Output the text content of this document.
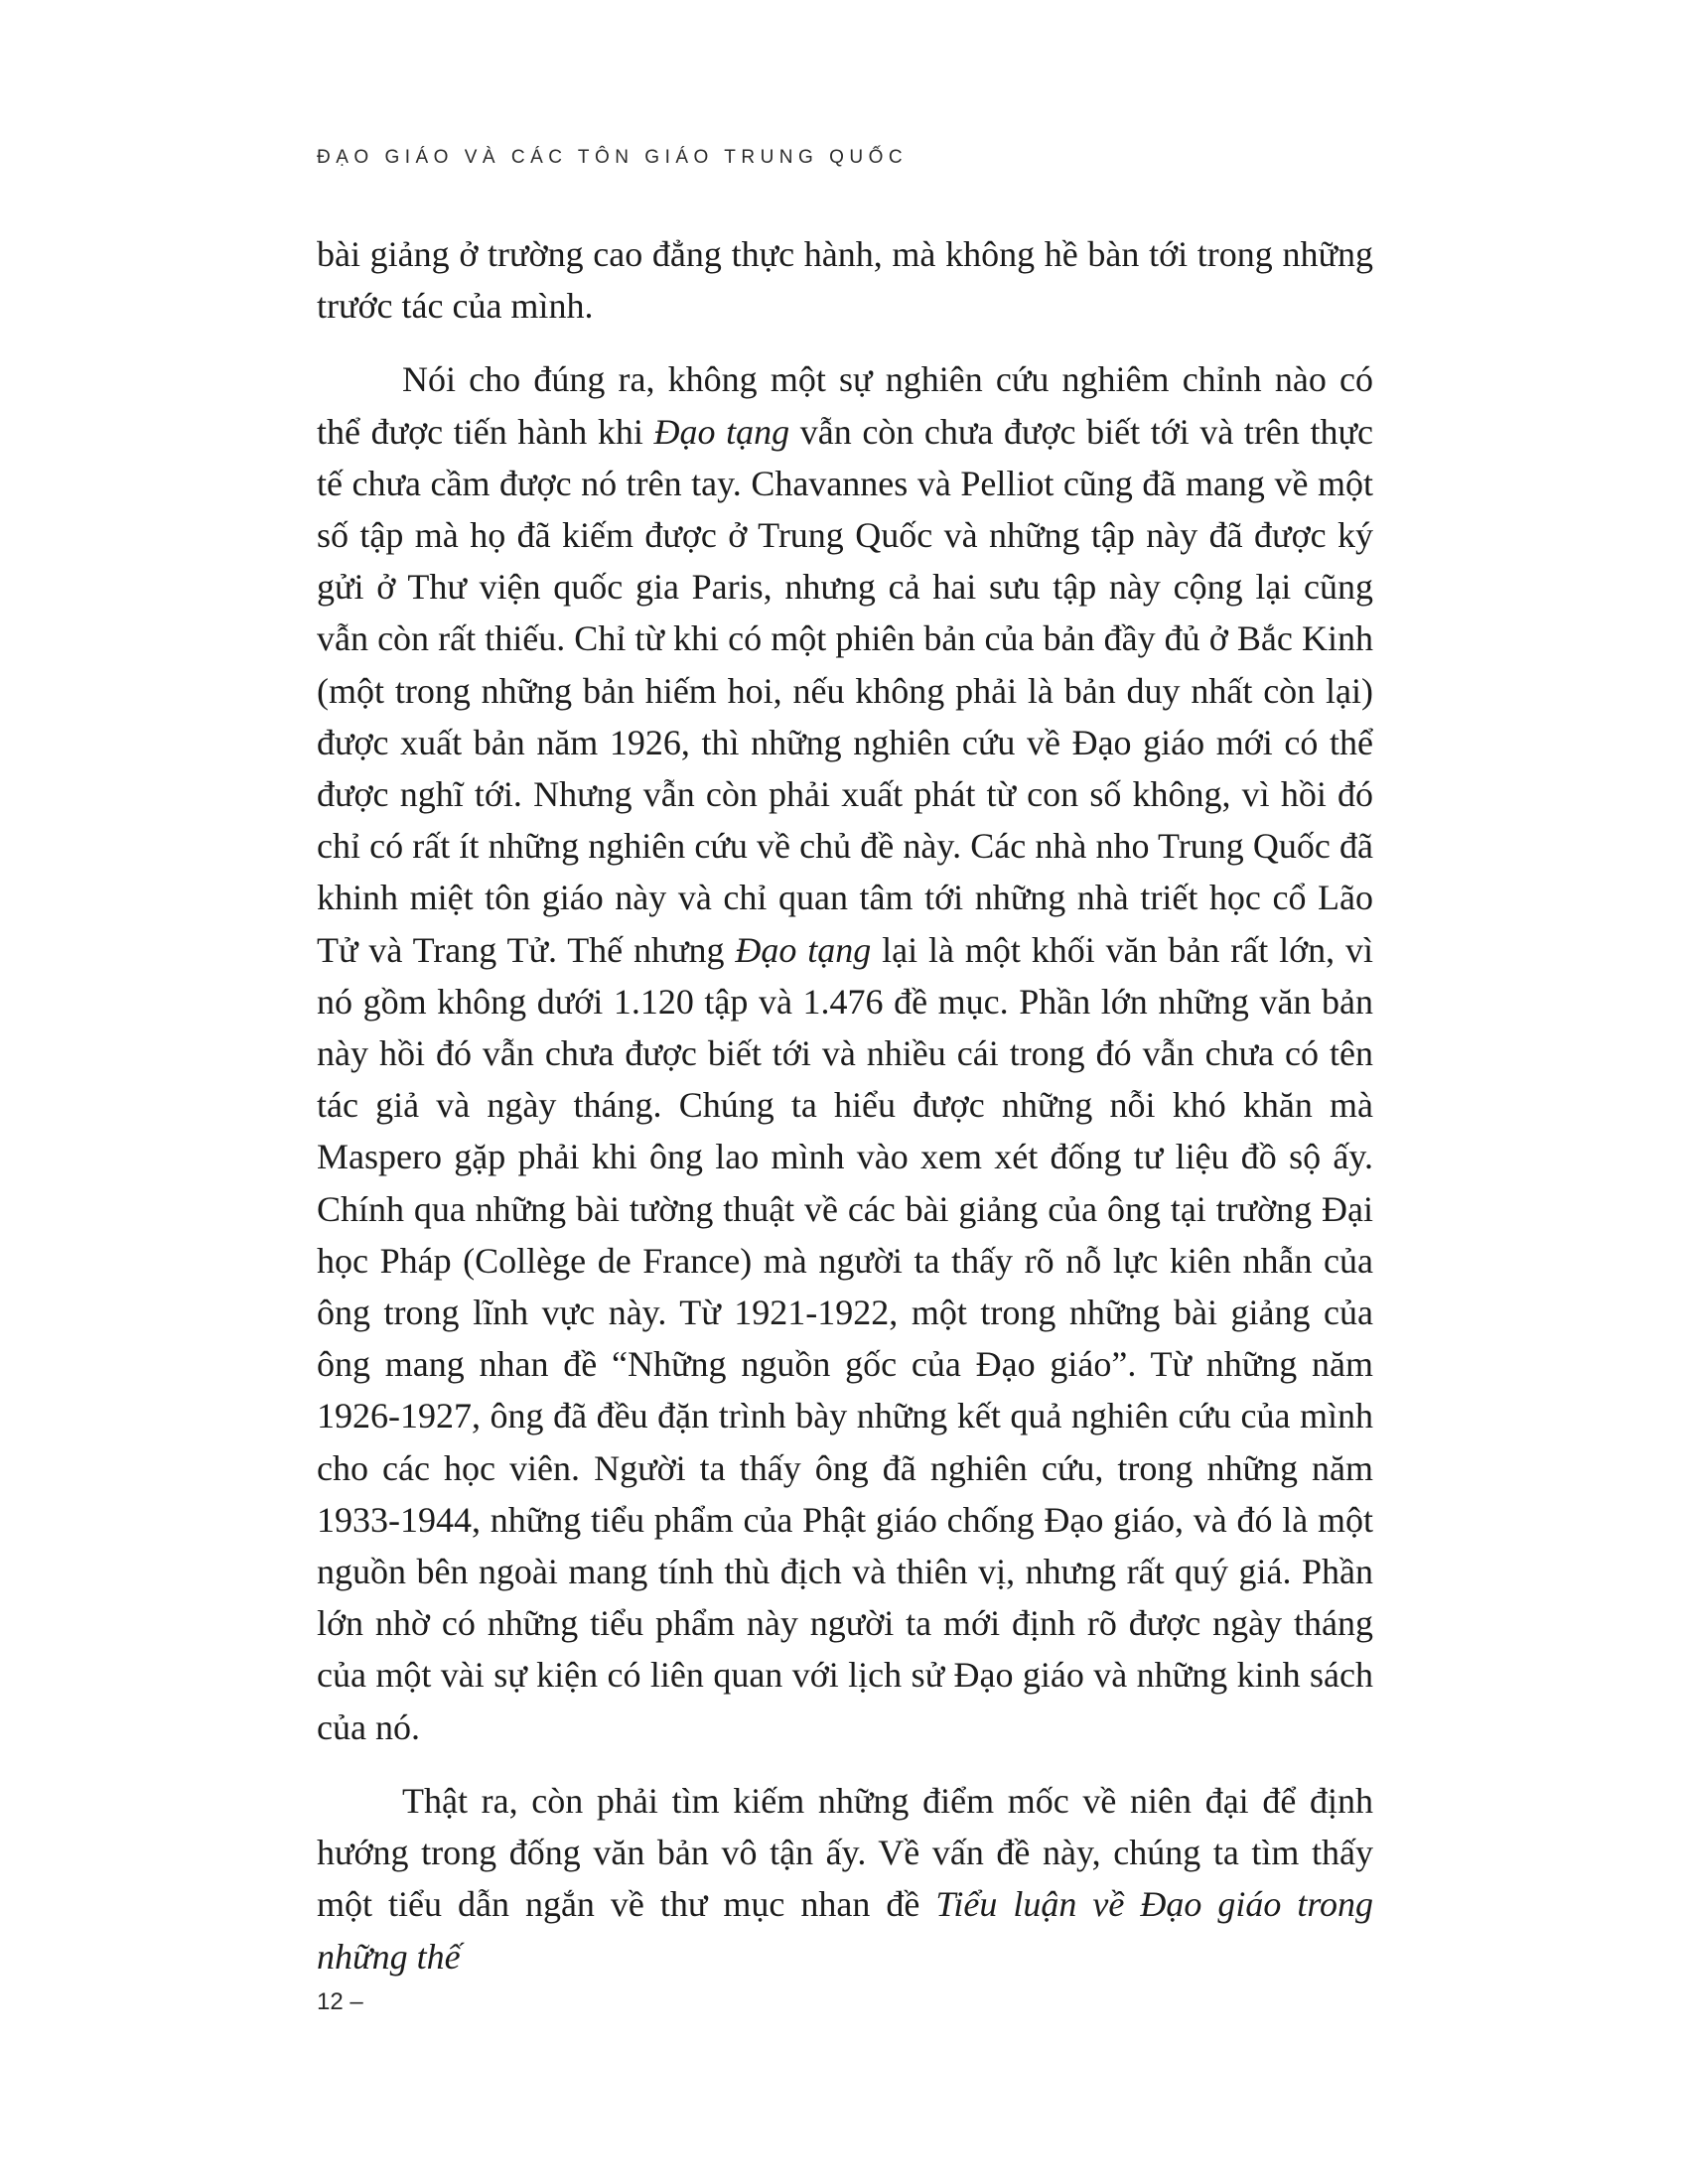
ĐẠO GIÁO VÀ CÁC TÔN GIÁO TRUNG QUỐC

bài giảng ở trường cao đẳng thực hành, mà không hề bàn tới trong những trước tác của mình.

Nói cho đúng ra, không một sự nghiên cứu nghiêm chỉnh nào có thể được tiến hành khi Đạo tạng vẫn còn chưa được biết tới và trên thực tế chưa cầm được nó trên tay. Chavannes và Pelliot cũng đã mang về một số tập mà họ đã kiếm được ở Trung Quốc và những tập này đã được ký gửi ở Thư viện quốc gia Paris, nhưng cả hai sưu tập này cộng lại cũng vẫn còn rất thiếu. Chỉ từ khi có một phiên bản của bản đầy đủ ở Bắc Kinh (một trong những bản hiếm hoi, nếu không phải là bản duy nhất còn lại) được xuất bản năm 1926, thì những nghiên cứu về Đạo giáo mới có thể được nghĩ tới. Nhưng vẫn còn phải xuất phát từ con số không, vì hồi đó chỉ có rất ít những nghiên cứu về chủ đề này. Các nhà nho Trung Quốc đã khinh miệt tôn giáo này và chỉ quan tâm tới những nhà triết học cổ Lão Tử và Trang Tử. Thế nhưng Đạo tạng lại là một khối văn bản rất lớn, vì nó gồm không dưới 1.120 tập và 1.476 đề mục. Phần lớn những văn bản này hồi đó vẫn chưa được biết tới và nhiều cái trong đó vẫn chưa có tên tác giả và ngày tháng. Chúng ta hiểu được những nỗi khó khăn mà Maspero gặp phải khi ông lao mình vào xem xét đống tư liệu đồ sộ ấy. Chính qua những bài tường thuật về các bài giảng của ông tại trường Đại học Pháp (Collège de France) mà người ta thấy rõ nỗ lực kiên nhẫn của ông trong lĩnh vực này. Từ 1921-1922, một trong những bài giảng của ông mang nhan đề “Những nguồn gốc của Đạo giáo”. Từ những năm 1926-1927, ông đã đều đặn trình bày những kết quả nghiên cứu của mình cho các học viên. Người ta thấy ông đã nghiên cứu, trong những năm 1933-1944, những tiểu phẩm của Phật giáo chống Đạo giáo, và đó là một nguồn bên ngoài mang tính thù địch và thiên vị, nhưng rất quý giá. Phần lớn nhờ có những tiểu phẩm này người ta mới định rõ được ngày tháng của một vài sự kiện có liên quan với lịch sử Đạo giáo và những kinh sách của nó.

Thật ra, còn phải tìm kiếm những điểm mốc về niên đại để định hướng trong đống văn bản vô tận ấy. Về vấn đề này, chúng ta tìm thấy một tiểu dẫn ngắn về thư mục nhan đề Tiểu luận về Đạo giáo trong những thế

12 –
